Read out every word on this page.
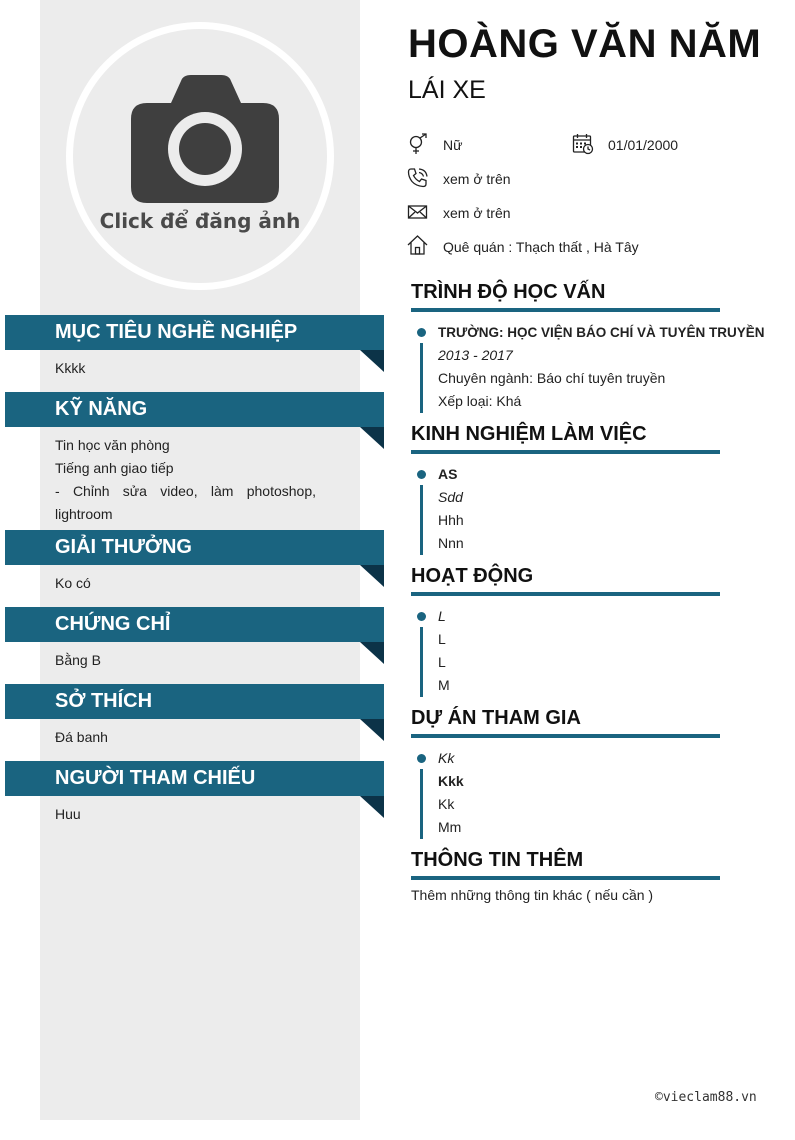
Click để đăng ảnh
MỤC TIÊU NGHỀ NGHIỆP
Kkkk
KỸ NĂNG
Tin học văn phòng
Tiếng anh giao tiếp
- Chỉnh sửa video, làm photoshop, lightroom
GIẢI THƯỞNG
Ko có
CHỨNG CHỈ
Bằng B
SỞ THÍCH
Đá banh
NGƯỜI THAM CHIẾU
Huu
HOÀNG VĂN NĂM
LÁI XE
Nữ	01/01/2000
xem ở trên
xem ở trên
Quê quán : Thạch thất , Hà Tây
TRÌNH ĐỘ HỌC VẤN
TRƯỜNG: HỌC VIỆN BÁO CHÍ VÀ TUYÊN TRUYỀN
2013 - 2017
Chuyên ngành: Báo chí tuyên truyền
Xếp loại: Khá
KINH NGHIỆM LÀM VIỆC
AS
Sdd
Hhh
Nnn
HOẠT ĐỘNG
L
L
L
M
DỰ ÁN THAM GIA
Kk
Kkk
Kk
Mm
THÔNG TIN THÊM
Thêm những thông tin khác ( nếu cần )
©vieclam88.vn
